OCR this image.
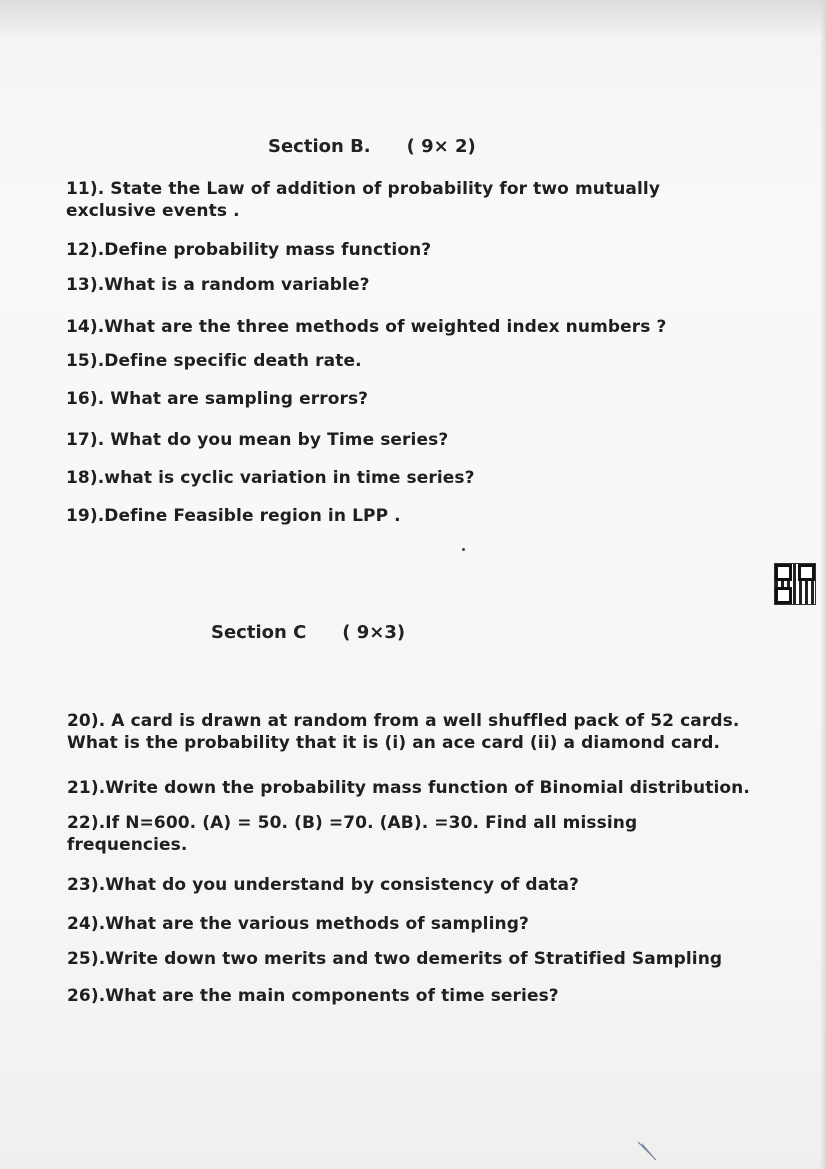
Section B. ( 9× 2)
11). State the Law of addition of probability for two mutually
exclusive events .
12).Define probability mass function?
13).What is a random variable?
14).What are the three methods of weighted index numbers ?
15).Define specific death rate.
16). What are sampling errors?
17). What do you mean by Time series?
18).what is cyclic variation in time series?
19).Define Feasible region in LPP .
Section C ( 9×3)
20). A card is drawn at random from a well shuffled pack of 52 cards.
What is the probability that it is (i) an ace card (ii) a diamond card.
21).Write down the probability mass function of Binomial distribution.
22).If N=600. (A) = 50. (B) =70. (AB). =30. Find all missing
frequencies.
23).What do you understand by consistency of data?
24).What are the various methods of sampling?
25).Write down two merits and two demerits of Stratified Sampling
26).What are the main components of time series?
